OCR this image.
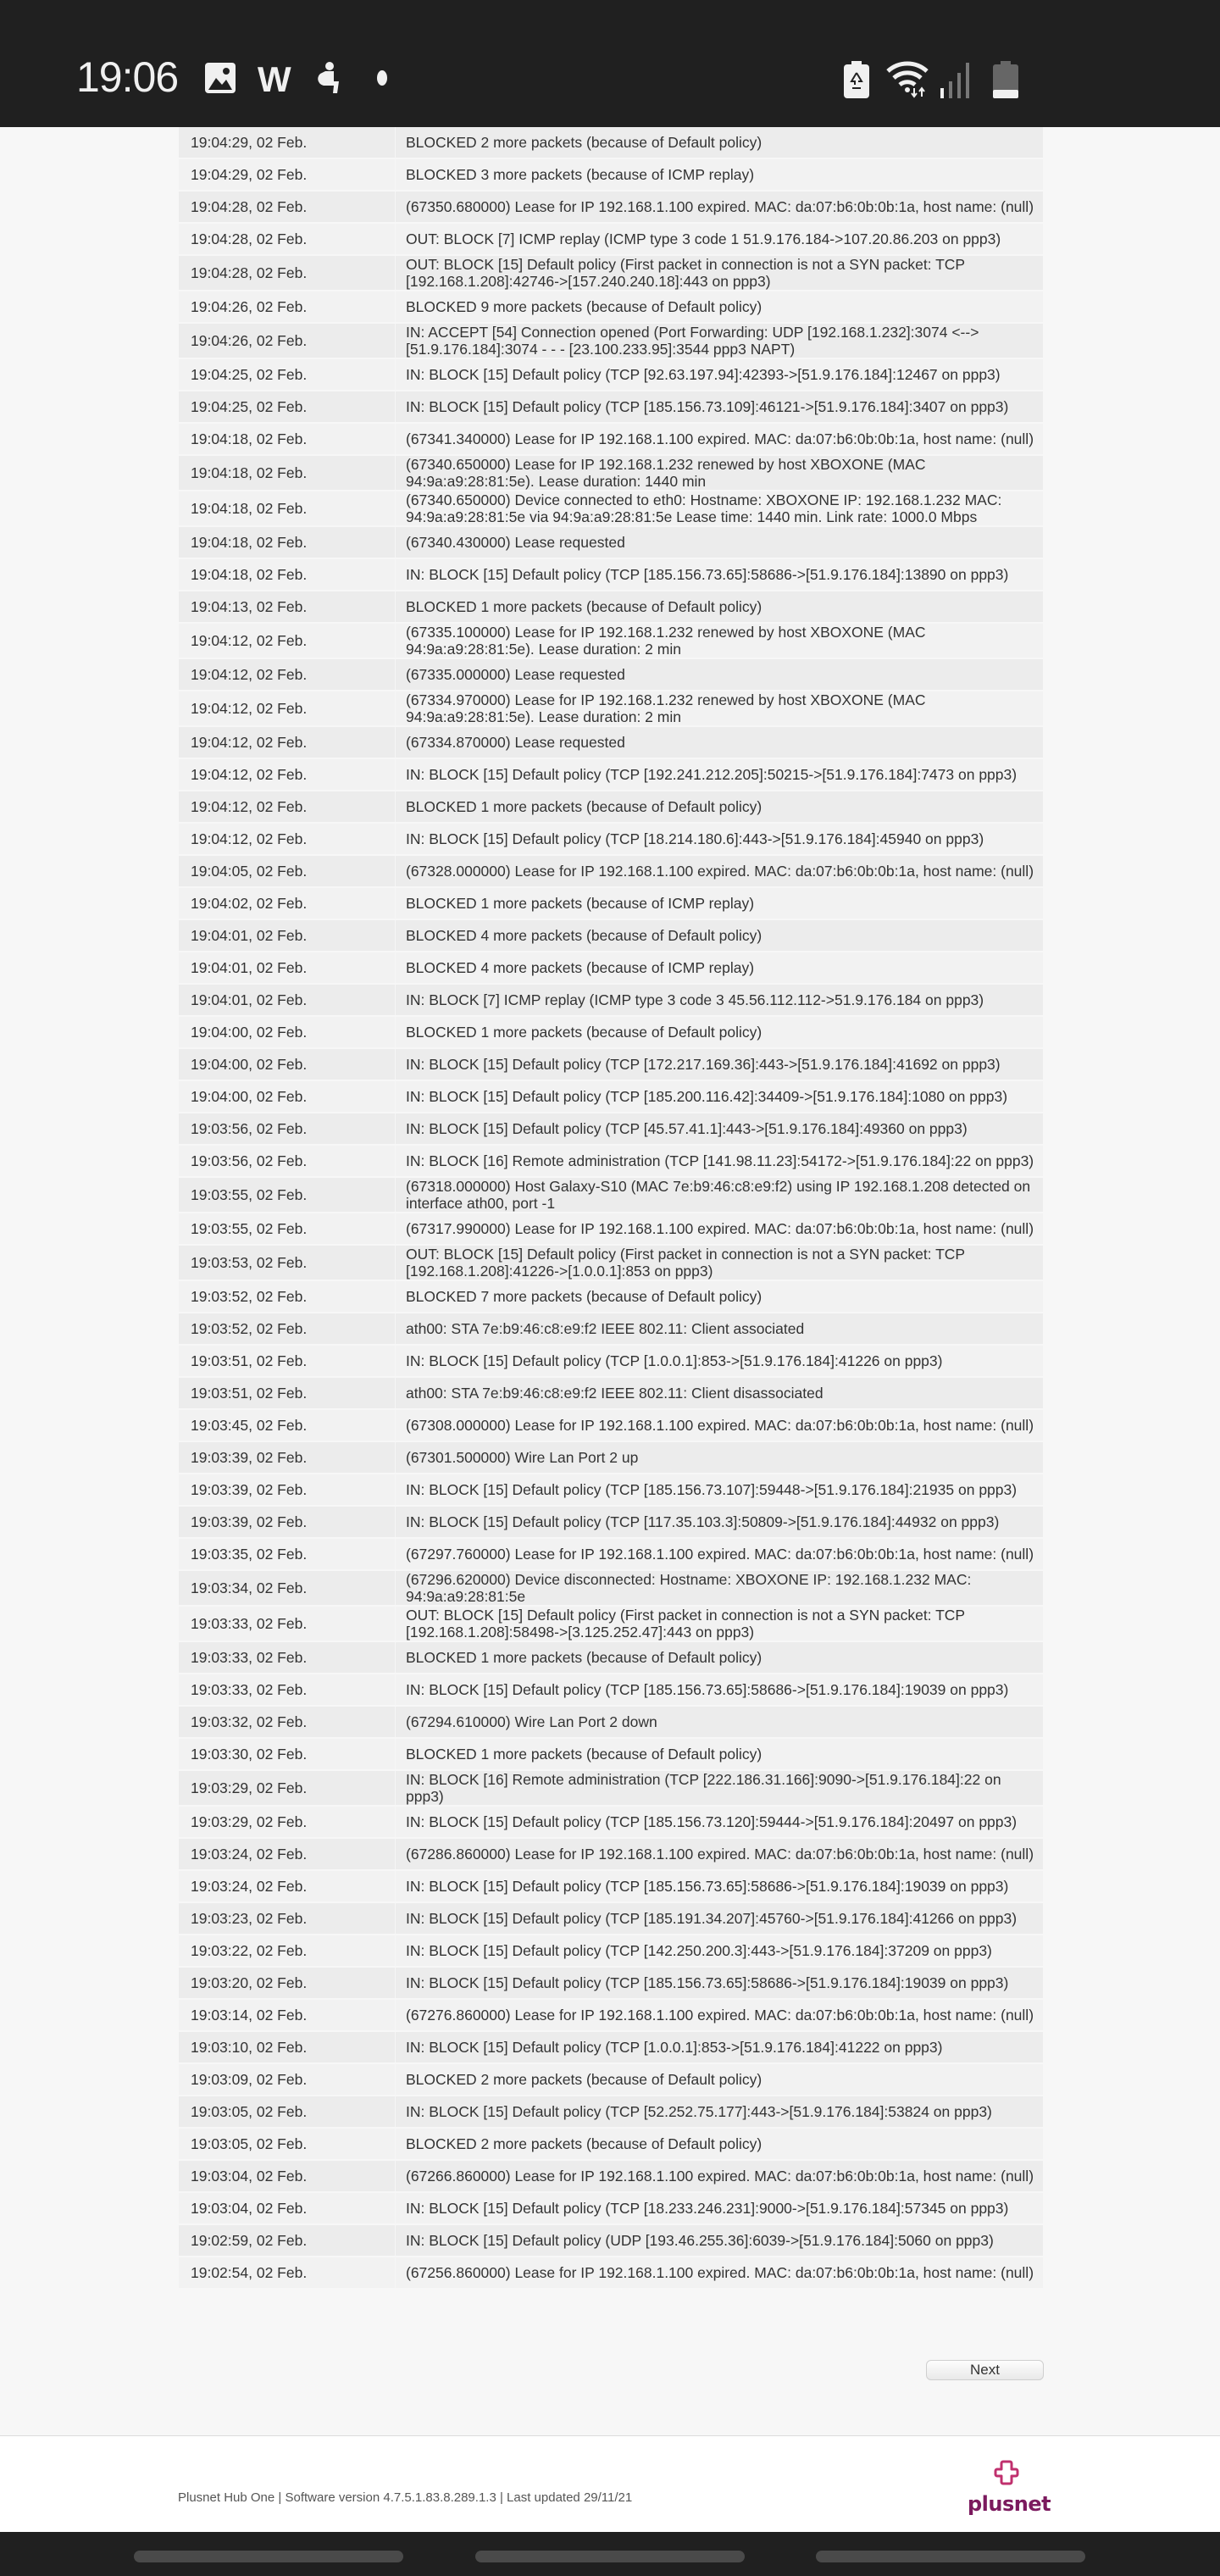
19:06 W
19:04:29, 02 Feb.	BLOCKED 2 more packets (because of Default policy)
19:04:29, 02 Feb.	BLOCKED 3 more packets (because of ICMP replay)
19:04:28, 02 Feb.	(67350.680000) Lease for IP 192.168.1.100 expired. MAC: da:07:b6:0b:0b:1a, host name: (null)
19:04:28, 02 Feb.	OUT: BLOCK [7] ICMP replay (ICMP type 3 code 1 51.9.176.184->107.20.86.203 on ppp3)
19:04:28, 02 Feb.	OUT: BLOCK [15] Default policy (First packet in connection is not a SYN packet: TCP [192.168.1.208]:42746->[157.240.240.18]:443 on ppp3)
19:04:26, 02 Feb.	BLOCKED 9 more packets (because of Default policy)
19:04:26, 02 Feb.	IN: ACCEPT [54] Connection opened (Port Forwarding: UDP [192.168.1.232]:3074 <--> [51.9.176.184]:3074 - - - [23.100.233.95]:3544 ppp3 NAPT)
19:04:25, 02 Feb.	IN: BLOCK [15] Default policy (TCP [92.63.197.94]:42393->[51.9.176.184]:12467 on ppp3)
19:04:25, 02 Feb.	IN: BLOCK [15] Default policy (TCP [185.156.73.109]:46121->[51.9.176.184]:3407 on ppp3)
19:04:18, 02 Feb.	(67341.340000) Lease for IP 192.168.1.100 expired. MAC: da:07:b6:0b:0b:1a, host name: (null)
19:04:18, 02 Feb.	(67340.650000) Lease for IP 192.168.1.232 renewed by host XBOXONE (MAC 94:9a:a9:28:81:5e). Lease duration: 1440 min
19:04:18, 02 Feb.	(67340.650000) Device connected to eth0: Hostname: XBOXONE IP: 192.168.1.232 MAC: 94:9a:a9:28:81:5e via 94:9a:a9:28:81:5e Lease time: 1440 min. Link rate: 1000.0 Mbps
19:04:18, 02 Feb.	(67340.430000) Lease requested
19:04:18, 02 Feb.	IN: BLOCK [15] Default policy (TCP [185.156.73.65]:58686->[51.9.176.184]:13890 on ppp3)
19:04:13, 02 Feb.	BLOCKED 1 more packets (because of Default policy)
19:04:12, 02 Feb.	(67335.100000) Lease for IP 192.168.1.232 renewed by host XBOXONE (MAC 94:9a:a9:28:81:5e). Lease duration: 2 min
19:04:12, 02 Feb.	(67335.000000) Lease requested
19:04:12, 02 Feb.	(67334.970000) Lease for IP 192.168.1.232 renewed by host XBOXONE (MAC 94:9a:a9:28:81:5e). Lease duration: 2 min
19:04:12, 02 Feb.	(67334.870000) Lease requested
19:04:12, 02 Feb.	IN: BLOCK [15] Default policy (TCP [192.241.212.205]:50215->[51.9.176.184]:7473 on ppp3)
19:04:12, 02 Feb.	BLOCKED 1 more packets (because of Default policy)
19:04:12, 02 Feb.	IN: BLOCK [15] Default policy (TCP [18.214.180.6]:443->[51.9.176.184]:45940 on ppp3)
19:04:05, 02 Feb.	(67328.000000) Lease for IP 192.168.1.100 expired. MAC: da:07:b6:0b:0b:1a, host name: (null)
19:04:02, 02 Feb.	BLOCKED 1 more packets (because of ICMP replay)
19:04:01, 02 Feb.	BLOCKED 4 more packets (because of Default policy)
19:04:01, 02 Feb.	BLOCKED 4 more packets (because of ICMP replay)
19:04:01, 02 Feb.	IN: BLOCK [7] ICMP replay (ICMP type 3 code 3 45.56.112.112->51.9.176.184 on ppp3)
19:04:00, 02 Feb.	BLOCKED 1 more packets (because of Default policy)
19:04:00, 02 Feb.	IN: BLOCK [15] Default policy (TCP [172.217.169.36]:443->[51.9.176.184]:41692 on ppp3)
19:04:00, 02 Feb.	IN: BLOCK [15] Default policy (TCP [185.200.116.42]:34409->[51.9.176.184]:1080 on ppp3)
19:03:56, 02 Feb.	IN: BLOCK [15] Default policy (TCP [45.57.41.1]:443->[51.9.176.184]:49360 on ppp3)
19:03:56, 02 Feb.	IN: BLOCK [16] Remote administration (TCP [141.98.11.23]:54172->[51.9.176.184]:22 on ppp3)
19:03:55, 02 Feb.	(67318.000000) Host Galaxy-S10 (MAC 7e:b9:46:c8:e9:f2) using IP 192.168.1.208 detected on interface ath00, port -1
19:03:55, 02 Feb.	(67317.990000) Lease for IP 192.168.1.100 expired. MAC: da:07:b6:0b:0b:1a, host name: (null)
19:03:53, 02 Feb.	OUT: BLOCK [15] Default policy (First packet in connection is not a SYN packet: TCP [192.168.1.208]:41226->[1.0.0.1]:853 on ppp3)
19:03:52, 02 Feb.	BLOCKED 7 more packets (because of Default policy)
19:03:52, 02 Feb.	ath00: STA 7e:b9:46:c8:e9:f2 IEEE 802.11: Client associated
19:03:51, 02 Feb.	IN: BLOCK [15] Default policy (TCP [1.0.0.1]:853->[51.9.176.184]:41226 on ppp3)
19:03:51, 02 Feb.	ath00: STA 7e:b9:46:c8:e9:f2 IEEE 802.11: Client disassociated
19:03:45, 02 Feb.	(67308.000000) Lease for IP 192.168.1.100 expired. MAC: da:07:b6:0b:0b:1a, host name: (null)
19:03:39, 02 Feb.	(67301.500000) Wire Lan Port 2 up
19:03:39, 02 Feb.	IN: BLOCK [15] Default policy (TCP [185.156.73.107]:59448->[51.9.176.184]:21935 on ppp3)
19:03:39, 02 Feb.	IN: BLOCK [15] Default policy (TCP [117.35.103.3]:50809->[51.9.176.184]:44932 on ppp3)
19:03:35, 02 Feb.	(67297.760000) Lease for IP 192.168.1.100 expired. MAC: da:07:b6:0b:0b:1a, host name: (null)
19:03:34, 02 Feb.	(67296.620000) Device disconnected: Hostname: XBOXONE IP: 192.168.1.232 MAC: 94:9a:a9:28:81:5e
19:03:33, 02 Feb.	OUT: BLOCK [15] Default policy (First packet in connection is not a SYN packet: TCP [192.168.1.208]:58498->[3.125.252.47]:443 on ppp3)
19:03:33, 02 Feb.	BLOCKED 1 more packets (because of Default policy)
19:03:33, 02 Feb.	IN: BLOCK [15] Default policy (TCP [185.156.73.65]:58686->[51.9.176.184]:19039 on ppp3)
19:03:32, 02 Feb.	(67294.610000) Wire Lan Port 2 down
19:03:30, 02 Feb.	BLOCKED 1 more packets (because of Default policy)
19:03:29, 02 Feb.	IN: BLOCK [16] Remote administration (TCP [222.186.31.166]:9090->[51.9.176.184]:22 on ppp3)
19:03:29, 02 Feb.	IN: BLOCK [15] Default policy (TCP [185.156.73.120]:59444->[51.9.176.184]:20497 on ppp3)
19:03:24, 02 Feb.	(67286.860000) Lease for IP 192.168.1.100 expired. MAC: da:07:b6:0b:0b:1a, host name: (null)
19:03:24, 02 Feb.	IN: BLOCK [15] Default policy (TCP [185.156.73.65]:58686->[51.9.176.184]:19039 on ppp3)
19:03:23, 02 Feb.	IN: BLOCK [15] Default policy (TCP [185.191.34.207]:45760->[51.9.176.184]:41266 on ppp3)
19:03:22, 02 Feb.	IN: BLOCK [15] Default policy (TCP [142.250.200.3]:443->[51.9.176.184]:37209 on ppp3)
19:03:20, 02 Feb.	IN: BLOCK [15] Default policy (TCP [185.156.73.65]:58686->[51.9.176.184]:19039 on ppp3)
19:03:14, 02 Feb.	(67276.860000) Lease for IP 192.168.1.100 expired. MAC: da:07:b6:0b:0b:1a, host name: (null)
19:03:10, 02 Feb.	IN: BLOCK [15] Default policy (TCP [1.0.0.1]:853->[51.9.176.184]:41222 on ppp3)
19:03:09, 02 Feb.	BLOCKED 2 more packets (because of Default policy)
19:03:05, 02 Feb.	IN: BLOCK [15] Default policy (TCP [52.252.75.177]:443->[51.9.176.184]:53824 on ppp3)
19:03:05, 02 Feb.	BLOCKED 2 more packets (because of Default policy)
19:03:04, 02 Feb.	(67266.860000) Lease for IP 192.168.1.100 expired. MAC: da:07:b6:0b:0b:1a, host name: (null)
19:03:04, 02 Feb.	IN: BLOCK [15] Default policy (TCP [18.233.246.231]:9000->[51.9.176.184]:57345 on ppp3)
19:02:59, 02 Feb.	IN: BLOCK [15] Default policy (UDP [193.46.255.36]:6039->[51.9.176.184]:5060 on ppp3)
19:02:54, 02 Feb.	(67256.860000) Lease for IP 192.168.1.100 expired. MAC: da:07:b6:0b:0b:1a, host name: (null)
Next
Plusnet Hub One | Software version 4.7.5.1.83.8.289.1.3 | Last updated 29/11/21	plusnet
